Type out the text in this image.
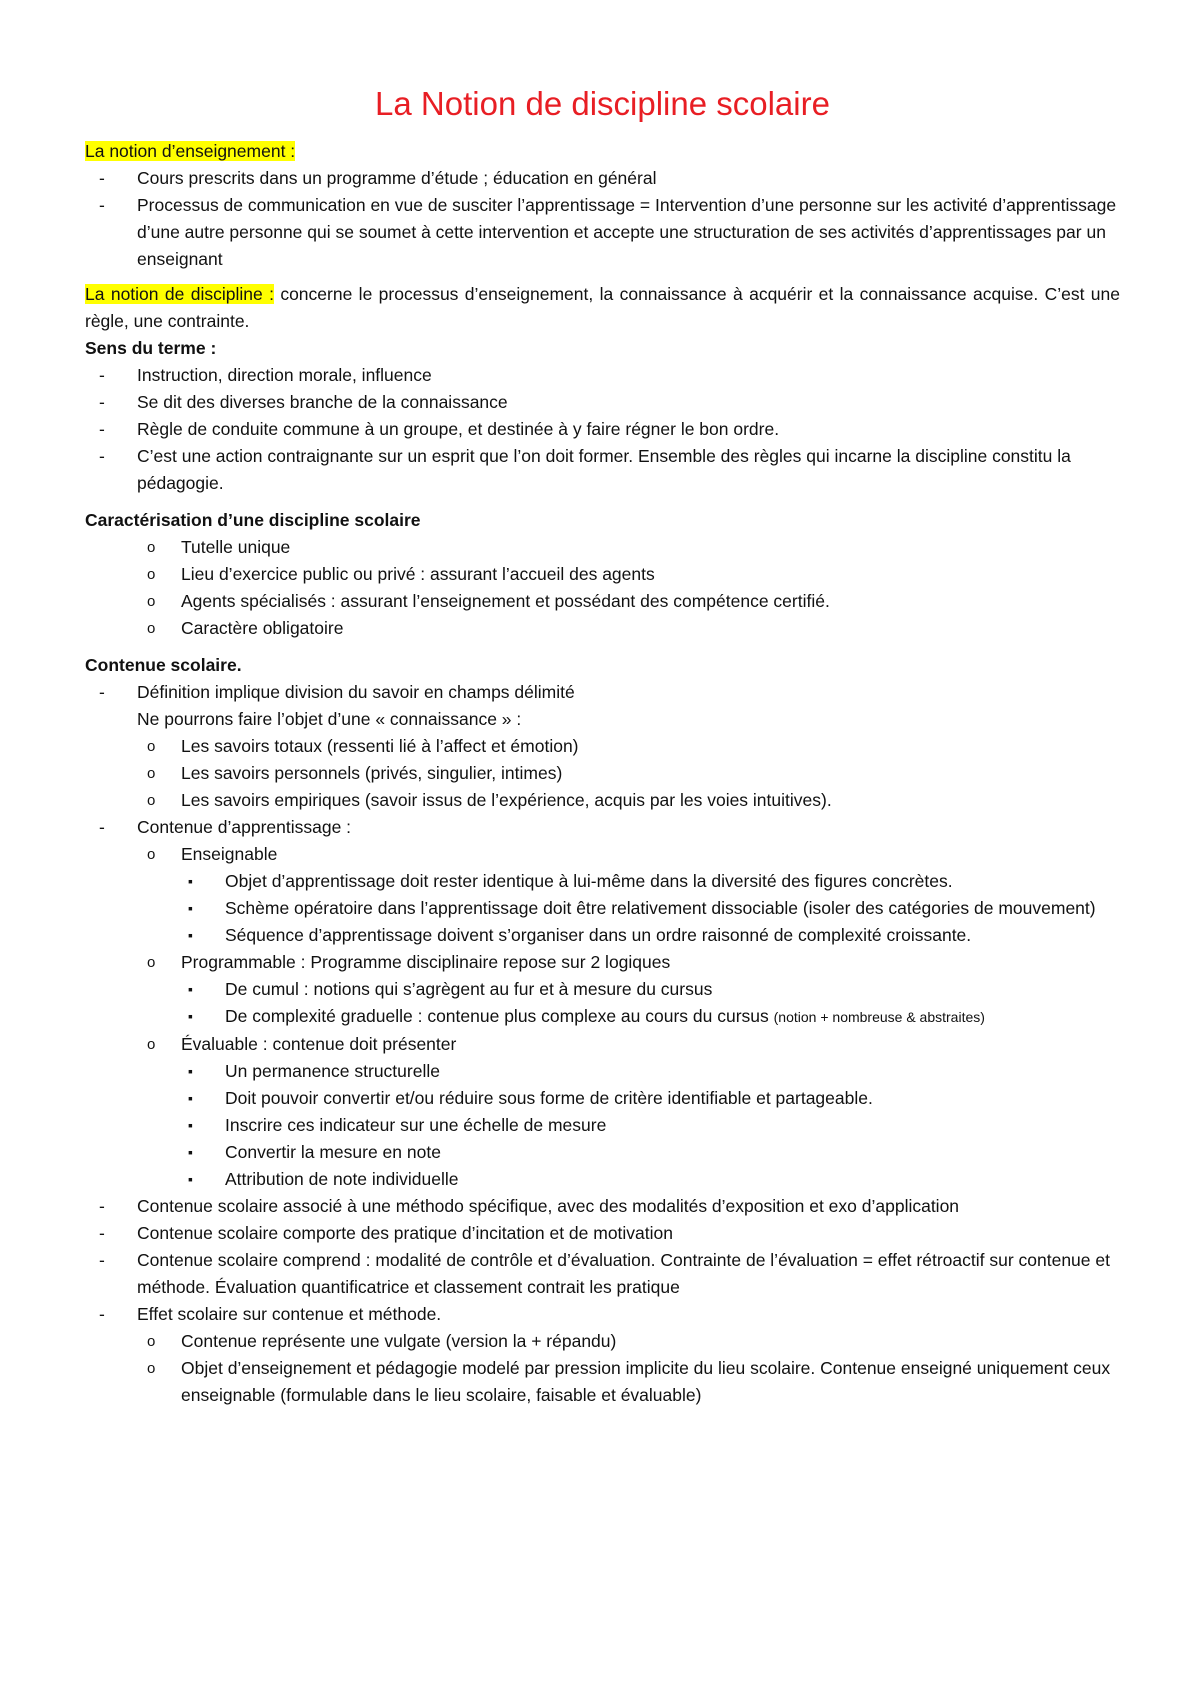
La Notion de discipline scolaire

La notion d’enseignement :

- Cours prescrits dans un programme d’étude ; éducation en général
- Processus de communication en vue de susciter l’apprentissage = Intervention d’une personne sur les activité d’apprentissage d’une autre personne qui se soumet à cette intervention et accepte une structuration de ses activités d’apprentissages par un enseignant

La notion de discipline : concerne le processus d’enseignement, la connaissance à acquérir et la connaissance acquise. C’est une règle, une contrainte.

Sens du terme :

- Instruction, direction morale, influence
- Se dit des diverses branche de la connaissance
- Règle de conduite commune à un groupe, et destinée à y faire régner le bon ordre.
- C’est une action contraignante sur un esprit que l’on doit former. Ensemble des règles qui incarne la discipline constitu la pédagogie.

Caractérisation d’une discipline scolaire

o Tutelle unique
o Lieu d’exercice public ou privé : assurant l’accueil des agents
o Agents spécialisés : assurant l’enseignement et possédant des compétence certifié.
o Caractère obligatoire

Contenue scolaire.

- Définition implique division du savoir en champs délimité
Ne pourrons faire l’objet d’une « connaissance » :
o Les savoirs totaux (ressenti lié à l’affect et émotion)
o Les savoirs personnels (privés, singulier, intimes)
o Les savoirs empiriques (savoir issus de l’expérience, acquis par les voies intuitives).
- Contenue d’apprentissage :
o Enseignable
▪ Objet d’apprentissage doit rester identique à lui-même dans la diversité des figures concrètes.
▪ Schème opératoire dans l’apprentissage doit être relativement dissociable (isoler des catégories de mouvement)
▪ Séquence d’apprentissage doivent s’organiser dans un ordre raisonné de complexité croissante.
o Programmable : Programme disciplinaire repose sur 2 logiques
▪ De cumul : notions qui s’agrègent au fur et à mesure du cursus
▪ De complexité graduelle : contenue plus complexe au cours du cursus (notion + nombreuse & abstraites)
o Évaluable : contenue doit présenter
▪ Un permanence structurelle
▪ Doit pouvoir convertir et/ou réduire sous forme de critère identifiable et partageable.
▪ Inscrire ces indicateur sur une échelle de mesure
▪ Convertir la mesure en note
▪ Attribution de note individuelle
- Contenue scolaire associé à une méthodo spécifique, avec des modalités d’exposition et exo d’application
- Contenue scolaire comporte des pratique d’incitation et de motivation
- Contenue scolaire comprend : modalité de contrôle et d’évaluation. Contrainte de l’évaluation = effet rétroactif sur contenue et méthode. Évaluation quantificatrice et classement contrait les pratique
- Effet scolaire sur contenue et méthode.
o Contenue représente une vulgate (version la + répandu)
o Objet d’enseignement et pédagogie modelé par pression implicite du lieu scolaire. Contenue enseigné uniquement ceux enseignable (formulable dans le lieu scolaire, faisable et évaluable)
